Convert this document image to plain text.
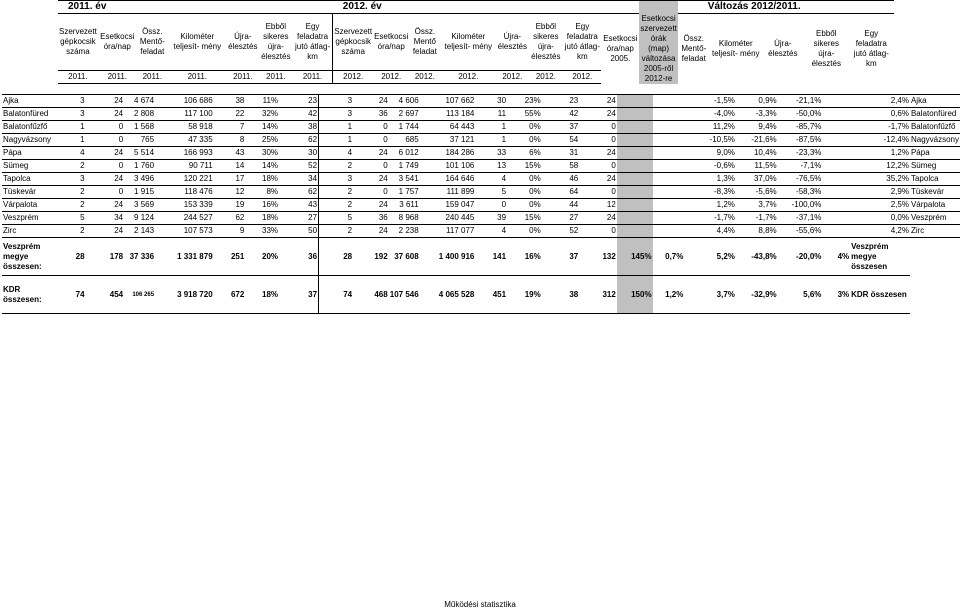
2011. év							2012. év									Változás 2012/2011.				
Szervezett gépkocsik száma	Esetkocsi óra/nap	Össz. Mentő- feladat	Kilométer teljesít- mény	Újra- élesztés	Ebből sikeres újra- élesztés	Egy feladatra jutó átlag- km	Szervezett gépkocsik száma	Esetkocsi óra/nap	Össz. Mentő feladat	Kilométer teljesít- mény	Újra- élesztés	Ebből sikeres újra- élesztés	Egy feladatra jutó átlag- km	Esetkocsi óra/nap 2005.	Esetkocsi szervezett órák (map) változása 2005-ről 2012-re	Össz. Mentő- feladat	Kilométer teljesít- mény	Újra- élesztés	Ebből sikeres újra- élesztés	Egy feladatra jutó átlag- km
2011.	2011.	2011.	2011.	2011.	2011.	2011.	2012.	2012.	2012.	2012.	2012.	2012.	2012.							
Ajka	3	24	4 674	106 686	38	11%	23	3	24	4 606	107 662	30	23%	23	24			-1,5%	0,9%	-21,1%		2,4%	Ajka
Balatonfüred	3	24	2 808	117 100	22	32%	42	3	36	2 697	113 184	11	55%	42	24			-4,0%	-3,3%	-50,0%		0,6%	Balatonfüred
Balatonfűzfő	1	0	1 568	58 918	7	14%	38	1	0	1 744	64 443	1	0%	37	0			11,2%	9,4%	-85,7%		-1,7%	Balatonfűzfő
Nagyvázsony	1	0	765	47 335	8	25%	62	1	0	685	37 121	1	0%	54	0			-10,5%	-21,6%	-87,5%		-12,4%	Nagyvázsony
Pápa	4	24	5 514	166 993	43	30%	30	4	24	6 012	184 286	33	6%	31	24			9,0%	10,4%	-23,3%		1,2%	Pápa
Sümeg	2	0	1 760	90 711	14	14%	52	2	0	1 749	101 106	13	15%	58	0			-0,6%	11,5%	-7,1%		12,2%	Sümeg
Tapolca	3	24	3 496	120 221	17	18%	34	3	24	3 541	164 646	4	0%	46	24			1,3%	37,0%	-76,5%		35,2%	Tapolca
Tüskevár	2	0	1 915	118 476	12	8%	62	2	0	1 757	111 899	5	0%	64	0			-8,3%	-5,6%	-58,3%		2,9%	Tüskevár
Várpalota	2	24	3 569	153 339	19	16%	43	2	24	3 611	159 047	0	0%	44	12			1,2%	3,7%	-100,0%		2,5%	Várpalota
Veszprém	5	34	9 124	244 527	62	18%	27	5	36	8 968	240 445	39	15%	27	24			-1,7%	-1,7%	-37,1%		0,0%	Veszprém
Zirc	2	24	2 143	107 573	9	33%	50	2	24	2 238	117 077	4	0%	52	0			4,4%	8,8%	-55,6%		4,2%	Zirc
Veszprém megye összesen:	28	178	37 336	1 331 879	251	20%	36	28	192	37 608	1 400 916	141	16%	37	132	145%	0,7%	5,2%	-43,8%	-20,0%	4%	Veszprém megye összesen	
KDR összesen:	74	454	106 265	3 918 720	672	18%	37	74	468	107 546	4 065 528	451	19%	38	312	150%	1,2%	3,7%	-32,9%	5,6%	3%	KDR összesen	
Működési statisztika
